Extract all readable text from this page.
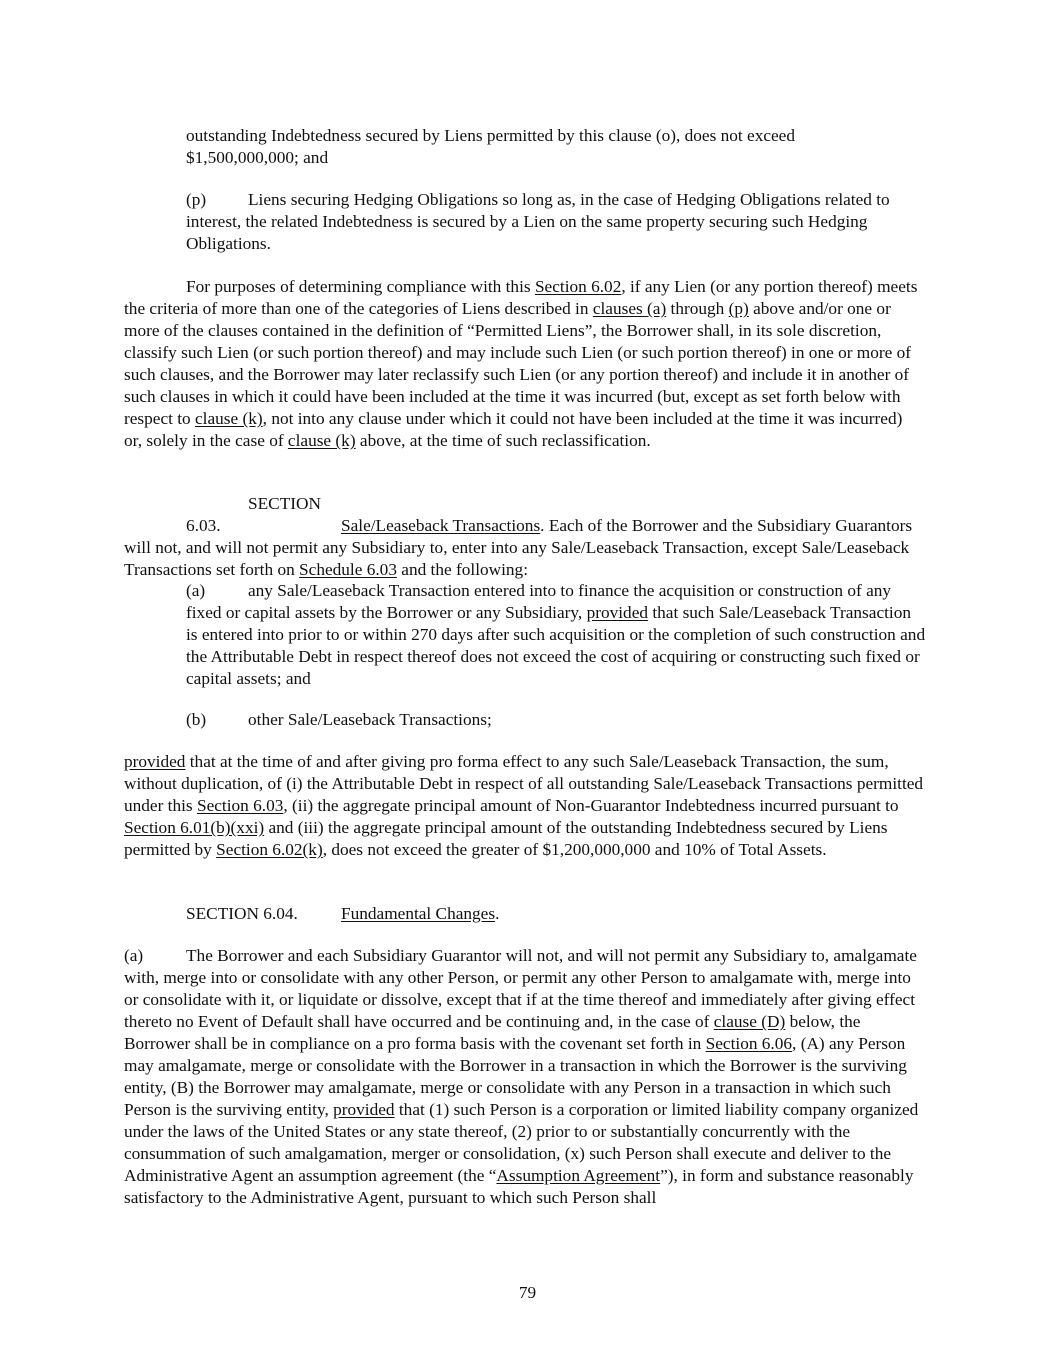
outstanding Indebtedness secured by Liens permitted by this clause (o), does not exceed $1,500,000,000; and

(p) Liens securing Hedging Obligations so long as, in the case of Hedging Obligations related to interest, the related Indebtedness is secured by a Lien on the same property securing such Hedging Obligations.

For purposes of determining compliance with this Section 6.02, if any Lien (or any portion thereof) meets the criteria of more than one of the categories of Liens described in clauses (a) through (p) above and/or one or more of the clauses contained in the definition of “Permitted Liens”, the Borrower shall, in its sole discretion, classify such Lien (or such portion thereof) and may include such Lien (or such portion thereof) in one or more of such clauses, and the Borrower may later reclassify such Lien (or any portion thereof) and include it in another of such clauses in which it could have been included at the time it was incurred (but, except as set forth below with respect to clause (k), not into any clause under which it could not have been included at the time it was incurred) or, solely in the case of clause (k) above, at the time of such reclassification.

SECTION 6.03.	Sale/Leaseback Transactions. Each of the Borrower and the Subsidiary Guarantors will not, and will not permit any Subsidiary to, enter into any Sale/Leaseback Transaction, except Sale/Leaseback Transactions set forth on Schedule 6.03 and the following:

(a) any Sale/Leaseback Transaction entered into to finance the acquisition or construction of any fixed or capital assets by the Borrower or any Subsidiary, provided that such Sale/Leaseback Transaction is entered into prior to or within 270 days after such acquisition or the completion of such construction and the Attributable Debt in respect thereof does not exceed the cost of acquiring or constructing such fixed or capital assets; and

(b) other Sale/Leaseback Transactions;

provided that at the time of and after giving pro forma effect to any such Sale/Leaseback Transaction, the sum, without duplication, of (i) the Attributable Debt in respect of all outstanding Sale/Leaseback Transactions permitted under this Section 6.03, (ii) the aggregate principal amount of Non-Guarantor Indebtedness incurred pursuant to Section 6.01(b)(xxi) and (iii) the aggregate principal amount of the outstanding Indebtedness secured by Liens permitted by Section 6.02(k), does not exceed the greater of $1,200,000,000 and 10% of Total Assets.

SECTION 6.04. Fundamental Changes.

(a) The Borrower and each Subsidiary Guarantor will not, and will not permit any Subsidiary to, amalgamate with, merge into or consolidate with any other Person, or permit any other Person to amalgamate with, merge into or consolidate with it, or liquidate or dissolve, except that if at the time thereof and immediately after giving effect thereto no Event of Default shall have occurred and be continuing and, in the case of clause (D) below, the Borrower shall be in compliance on a pro forma basis with the covenant set forth in Section 6.06, (A) any Person may amalgamate, merge or consolidate with the Borrower in a transaction in which the Borrower is the surviving entity, (B) the Borrower may amalgamate, merge or consolidate with any Person in a transaction in which such Person is the surviving entity, provided that (1) such Person is a corporation or limited liability company organized under the laws of the United States or any state thereof, (2) prior to or substantially concurrently with the consummation of such amalgamation, merger or consolidation, (x) such Person shall execute and deliver to the Administrative Agent an assumption agreement (the “Assumption Agreement”), in form and substance reasonably satisfactory to the Administrative Agent, pursuant to which such Person shall

79
